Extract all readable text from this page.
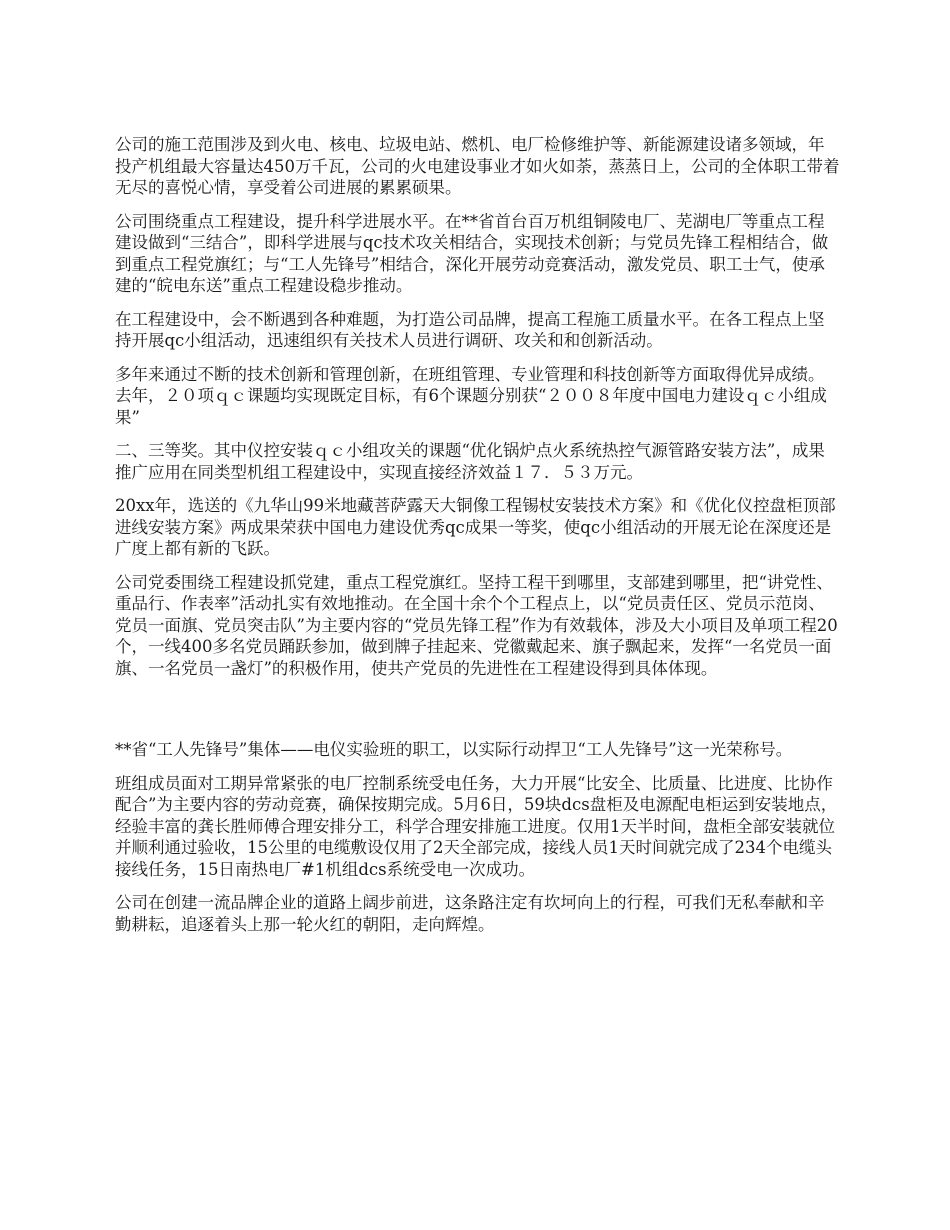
公司的施工范围涉及到火电、核电、垃圾电站、燃机、电厂检修维护等、新能源建设诸多领域，年投产机组最大容量达450万千瓦，公司的火电建设事业才如火如荼，蒸蒸日上，公司的全体职工带着无尽的喜悦心情，享受着公司进展的累累硕果。

公司围绕重点工程建设，提升科学进展水平。在**省首台百万机组铜陵电厂、芜湖电厂等重点工程建设做到“三结合”，即科学进展与qc技术攻关相结合，实现技术创新；与党员先锋工程相结合，做到重点工程党旗红；与“工人先锋号”相结合，深化开展劳动竞赛活动，激发党员、职工士气，使承建的“皖电东送”重点工程建设稳步推动。

在工程建设中，会不断遇到各种难题，为打造公司品牌，提高工程施工质量水平。在各工程点上坚持开展qc小组活动，迅速组织有关技术人员进行调研、攻关和和创新活动。

多年来通过不断的技术创新和管理创新，在班组管理、专业管理和科技创新等方面取得优异成绩。去年，２０项ｑｃ课题均实现既定目标，有6个课题分别获“２００８年度中国电力建设ｑｃ小组成果”

二、三等奖。其中仪控安装ｑｃ小组攻关的课题“优化锅炉点火系统热控气源管路安装方法”，成果推广应用在同类型机组工程建设中，实现直接经济效益１７．５３万元。

20xx年，选送的《九华山99米地藏菩萨露天大铜像工程锡杖安装技术方案》和《优化仪控盘柜顶部进线安装方案》两成果荣获中国电力建设优秀qc成果一等奖，使qc小组活动的开展无论在深度还是广度上都有新的飞跃。

公司党委围绕工程建设抓党建，重点工程党旗红。坚持工程干到哪里，支部建到哪里，把“讲党性、重品行、作表率”活动扎实有效地推动。在全国十余个个工程点上，以“党员责任区、党员示范岗、党员一面旗、党员突击队”为主要内容的“党员先锋工程”作为有效载体，涉及大小项目及单项工程20个，一线400多名党员踊跃参加，做到牌子挂起来、党徽戴起来、旗子飘起来，发挥“一名党员一面旗、一名党员一盏灯”的积极作用，使共产党员的先进性在工程建设得到具体体现。

**省“工人先锋号”集体——电仪实验班的职工，以实际行动捍卫“工人先锋号”这一光荣称号。

班组成员面对工期异常紧张的电厂控制系统受电任务，大力开展“比安全、比质量、比进度、比协作配合”为主要内容的劳动竞赛，确保按期完成。5月6日，59块dcs盘柜及电源配电柜运到安装地点，经验丰富的龚长胜师傅合理安排分工，科学合理安排施工进度。仅用1天半时间，盘柜全部安装就位并顺利通过验收，15公里的电缆敷设仅用了2天全部完成，接线人员1天时间就完成了234个电缆头接线任务，15日南热电厂#1机组dcs系统受电一次成功。

公司在创建一流品牌企业的道路上阔步前进，这条路注定有坎坷向上的行程，可我们无私奉献和辛勤耕耘，追逐着头上那一轮火红的朝阳，走向辉煌。
